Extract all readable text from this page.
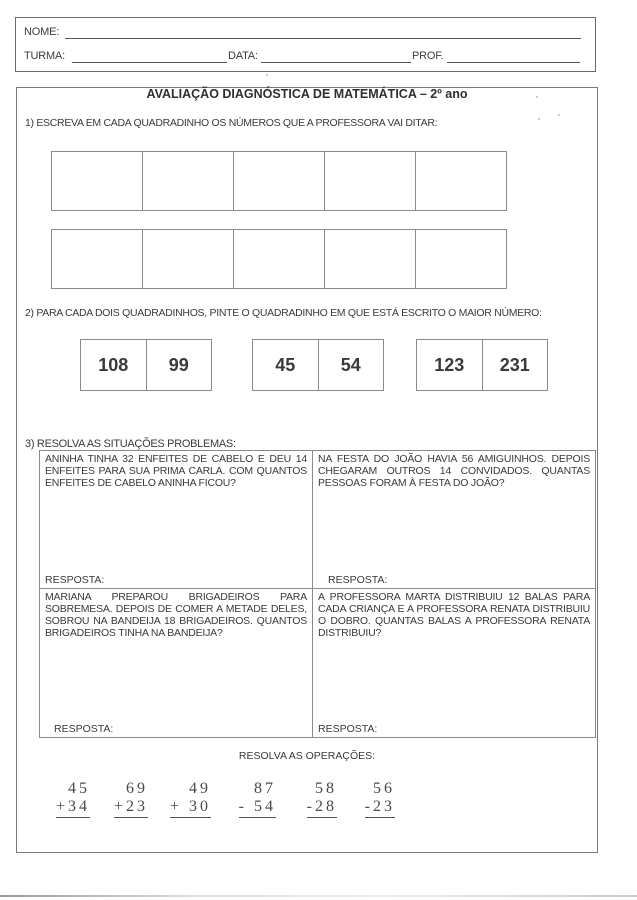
NOME:
TURMA:	DATA:	PROF.
AVALIAÇÃO DIAGNÓSTICA DE MATEMÁTICA – 2º ano
1) ESCREVA EM CADA QUADRADINHO OS NÚMEROS QUE A PROFESSORA VAI DITAR:
2) PARA CADA DOIS QUADRADINHOS, PINTE O QUADRADINHO EM QUE ESTÁ ESCRITO O MAIOR NÚMERO:
108	99	45	54	123	231
3) RESOLVA AS SITUAÇÕES PROBLEMAS:
ANINHA TINHA 32 ENFEITES DE CABELO E DEU 14 ENFEITES PARA SUA PRIMA CARLA. COM QUANTOS ENFEITES DE CABELO ANINHA FICOU?
RESPOSTA:
NA FESTA DO JOÃO HAVIA 56 AMIGUINHOS. DEPOIS CHEGARAM OUTROS 14 CONVIDADOS. QUANTAS PESSOAS FORAM À FESTA DO JOÃO?
RESPOSTA:
MARIANA PREPAROU BRIGADEIROS PARA SOBREMESA. DEPOIS DE COMER A METADE DELES, SOBROU NA BANDEIJA 18 BRIGADEIROS. QUANTOS BRIGADEIROS TINHA NA BANDEIJA?
RESPOSTA:
A PROFESSORA MARTA DISTRIBUIU 12 BALAS PARA CADA CRIANÇA E A PROFESSORA RENATA DISTRIBUIU O DOBRO. QUANTAS BALAS A PROFESSORA RENATA DISTRIBUIU?
RESPOSTA:
RESOLVA AS OPERAÇÕES:
45
+34
69
+23
49
+ 30
87
- 54
58
-28
56
-23
